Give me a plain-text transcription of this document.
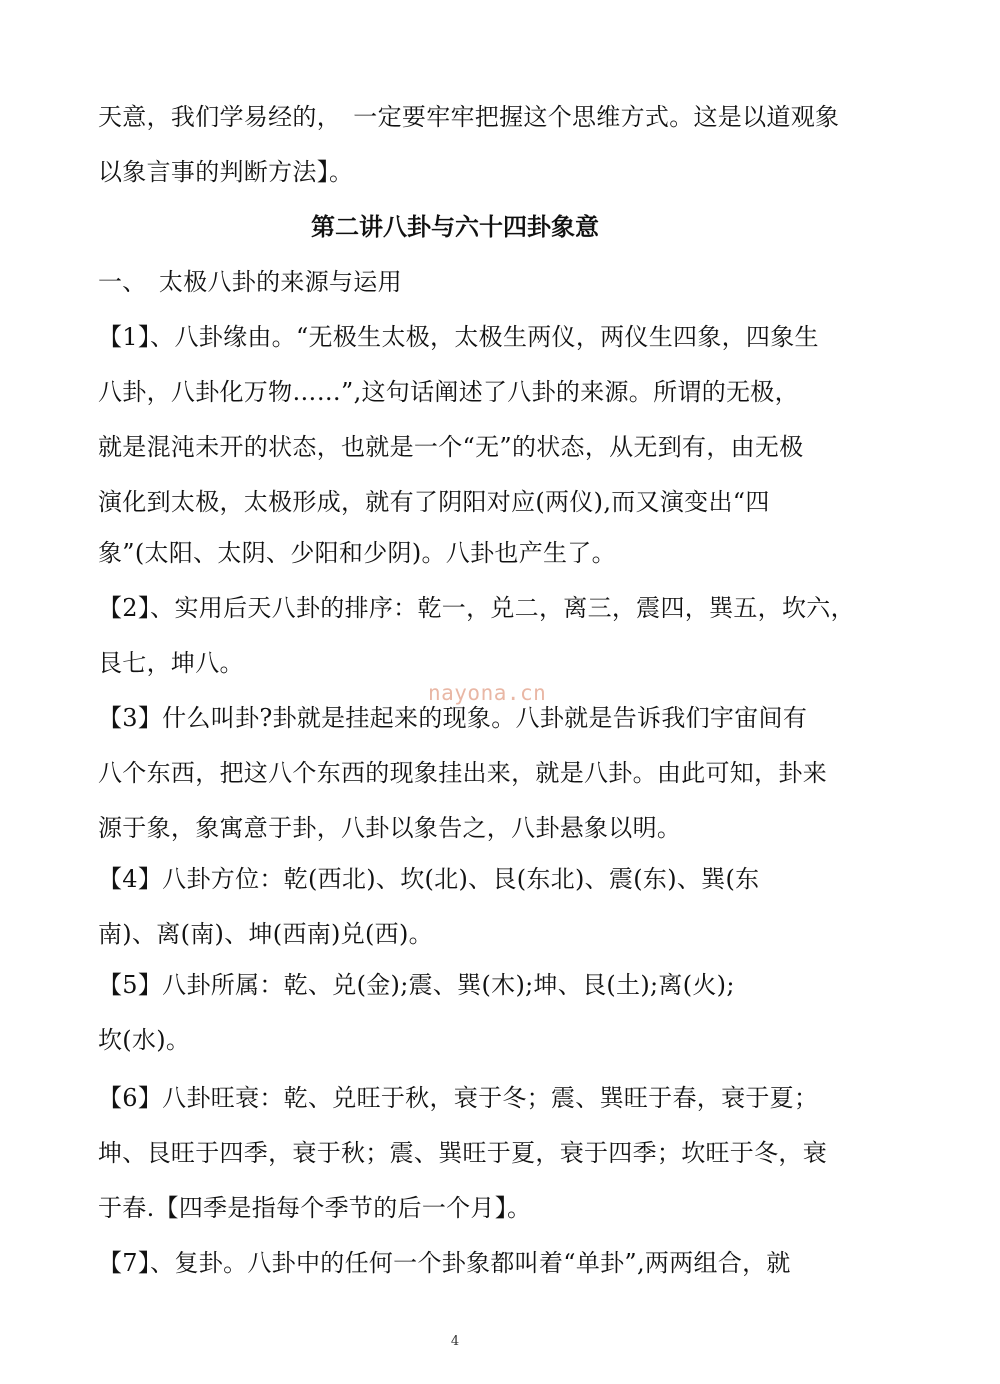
天意，我们学易经的，　一定要牢牢把握这个思维方式。这是以道观象
以象言事的判断方法】。
第二讲八卦与六十四卦象意
一、　太极八卦的来源与运用
【1】、八卦缘由。“无极生太极，太极生两仪，两仪生四象，四象生
八卦，八卦化万物……”,这句话阐述了八卦的来源。所谓的无极，
就是混沌未开的状态，也就是一个“无”的状态，从无到有，由无极
演化到太极，太极形成，就有了阴阳对应(两仪),而又演变出“四
象”(太阳、太阴、少阳和少阴)。八卦也产生了。
【2】、实用后天八卦的排序：乾一，兑二，离三，震四，巽五，坎六，
艮七，坤八。
nayona.cn
【3】什么叫卦?卦就是挂起来的现象。八卦就是告诉我们宇宙间有
八个东西，把这八个东西的现象挂出来，就是八卦。由此可知，卦来
源于象，象寓意于卦，八卦以象告之，八卦悬象以明。
【4】八卦方位：乾(西北)、坎(北)、艮(东北)、震(东)、巽(东
南)、离(南)、坤(西南)兑(西)。
【5】八卦所属：乾、兑(金);震、巽(木);坤、艮(土);离(火);
坎(水)。
【6】八卦旺衰：乾、兑旺于秋，衰于冬；震、巽旺于春，衰于夏；
坤、艮旺于四季，衰于秋；震、巽旺于夏，衰于四季；坎旺于冬，衰
于春.【四季是指每个季节的后一个月】。
【7】、复卦。八卦中的任何一个卦象都叫着“单卦”,两两组合，就
4
